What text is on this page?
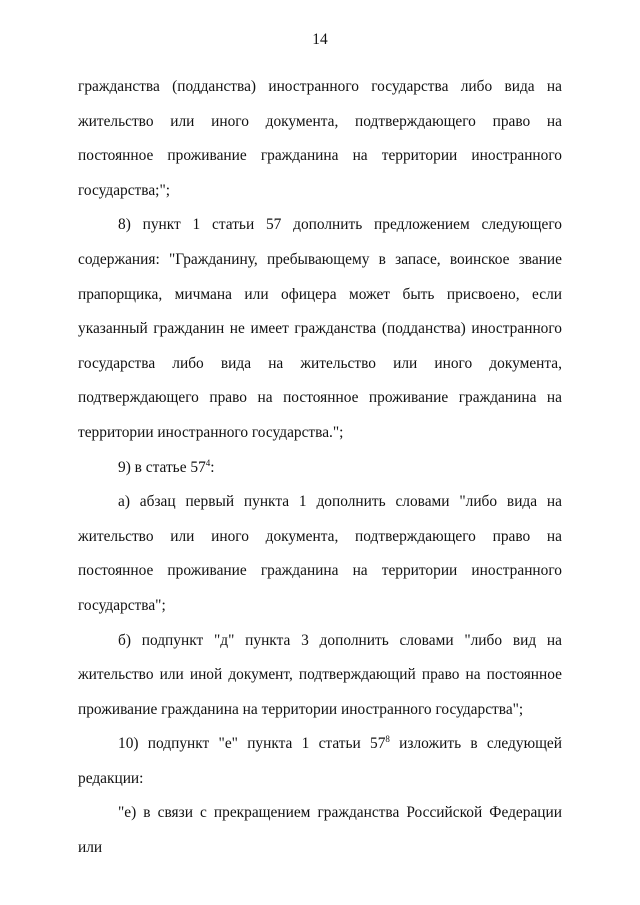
14

гражданства (подданства) иностранного государства либо вида на жительство или иного документа, подтверждающего право на постоянное проживание гражданина на территории иностранного государства;";

8) пункт 1 статьи 57 дополнить предложением следующего содержания: "Гражданину, пребывающему в запасе, воинское звание прапорщика, мичмана или офицера может быть присвоено, если указанный гражданин не имеет гражданства (подданства) иностранного государства либо вида на жительство или иного документа, подтверждающего право на постоянное проживание гражданина на территории иностранного государства.";

9) в статье $57^4$:

а) абзац первый пункта 1 дополнить словами "либо вида на жительство или иного документа, подтверждающего право на постоянное проживание гражданина на территории иностранного государства";

б) подпункт "д" пункта 3 дополнить словами "либо вид на жительство или иной документ, подтверждающий право на постоянное проживание гражданина на территории иностранного государства";

10) подпункт "е" пункта 1 статьи $57^8$ изложить в следующей редакции:

"е) в связи с прекращением гражданства Российской Федерации или
